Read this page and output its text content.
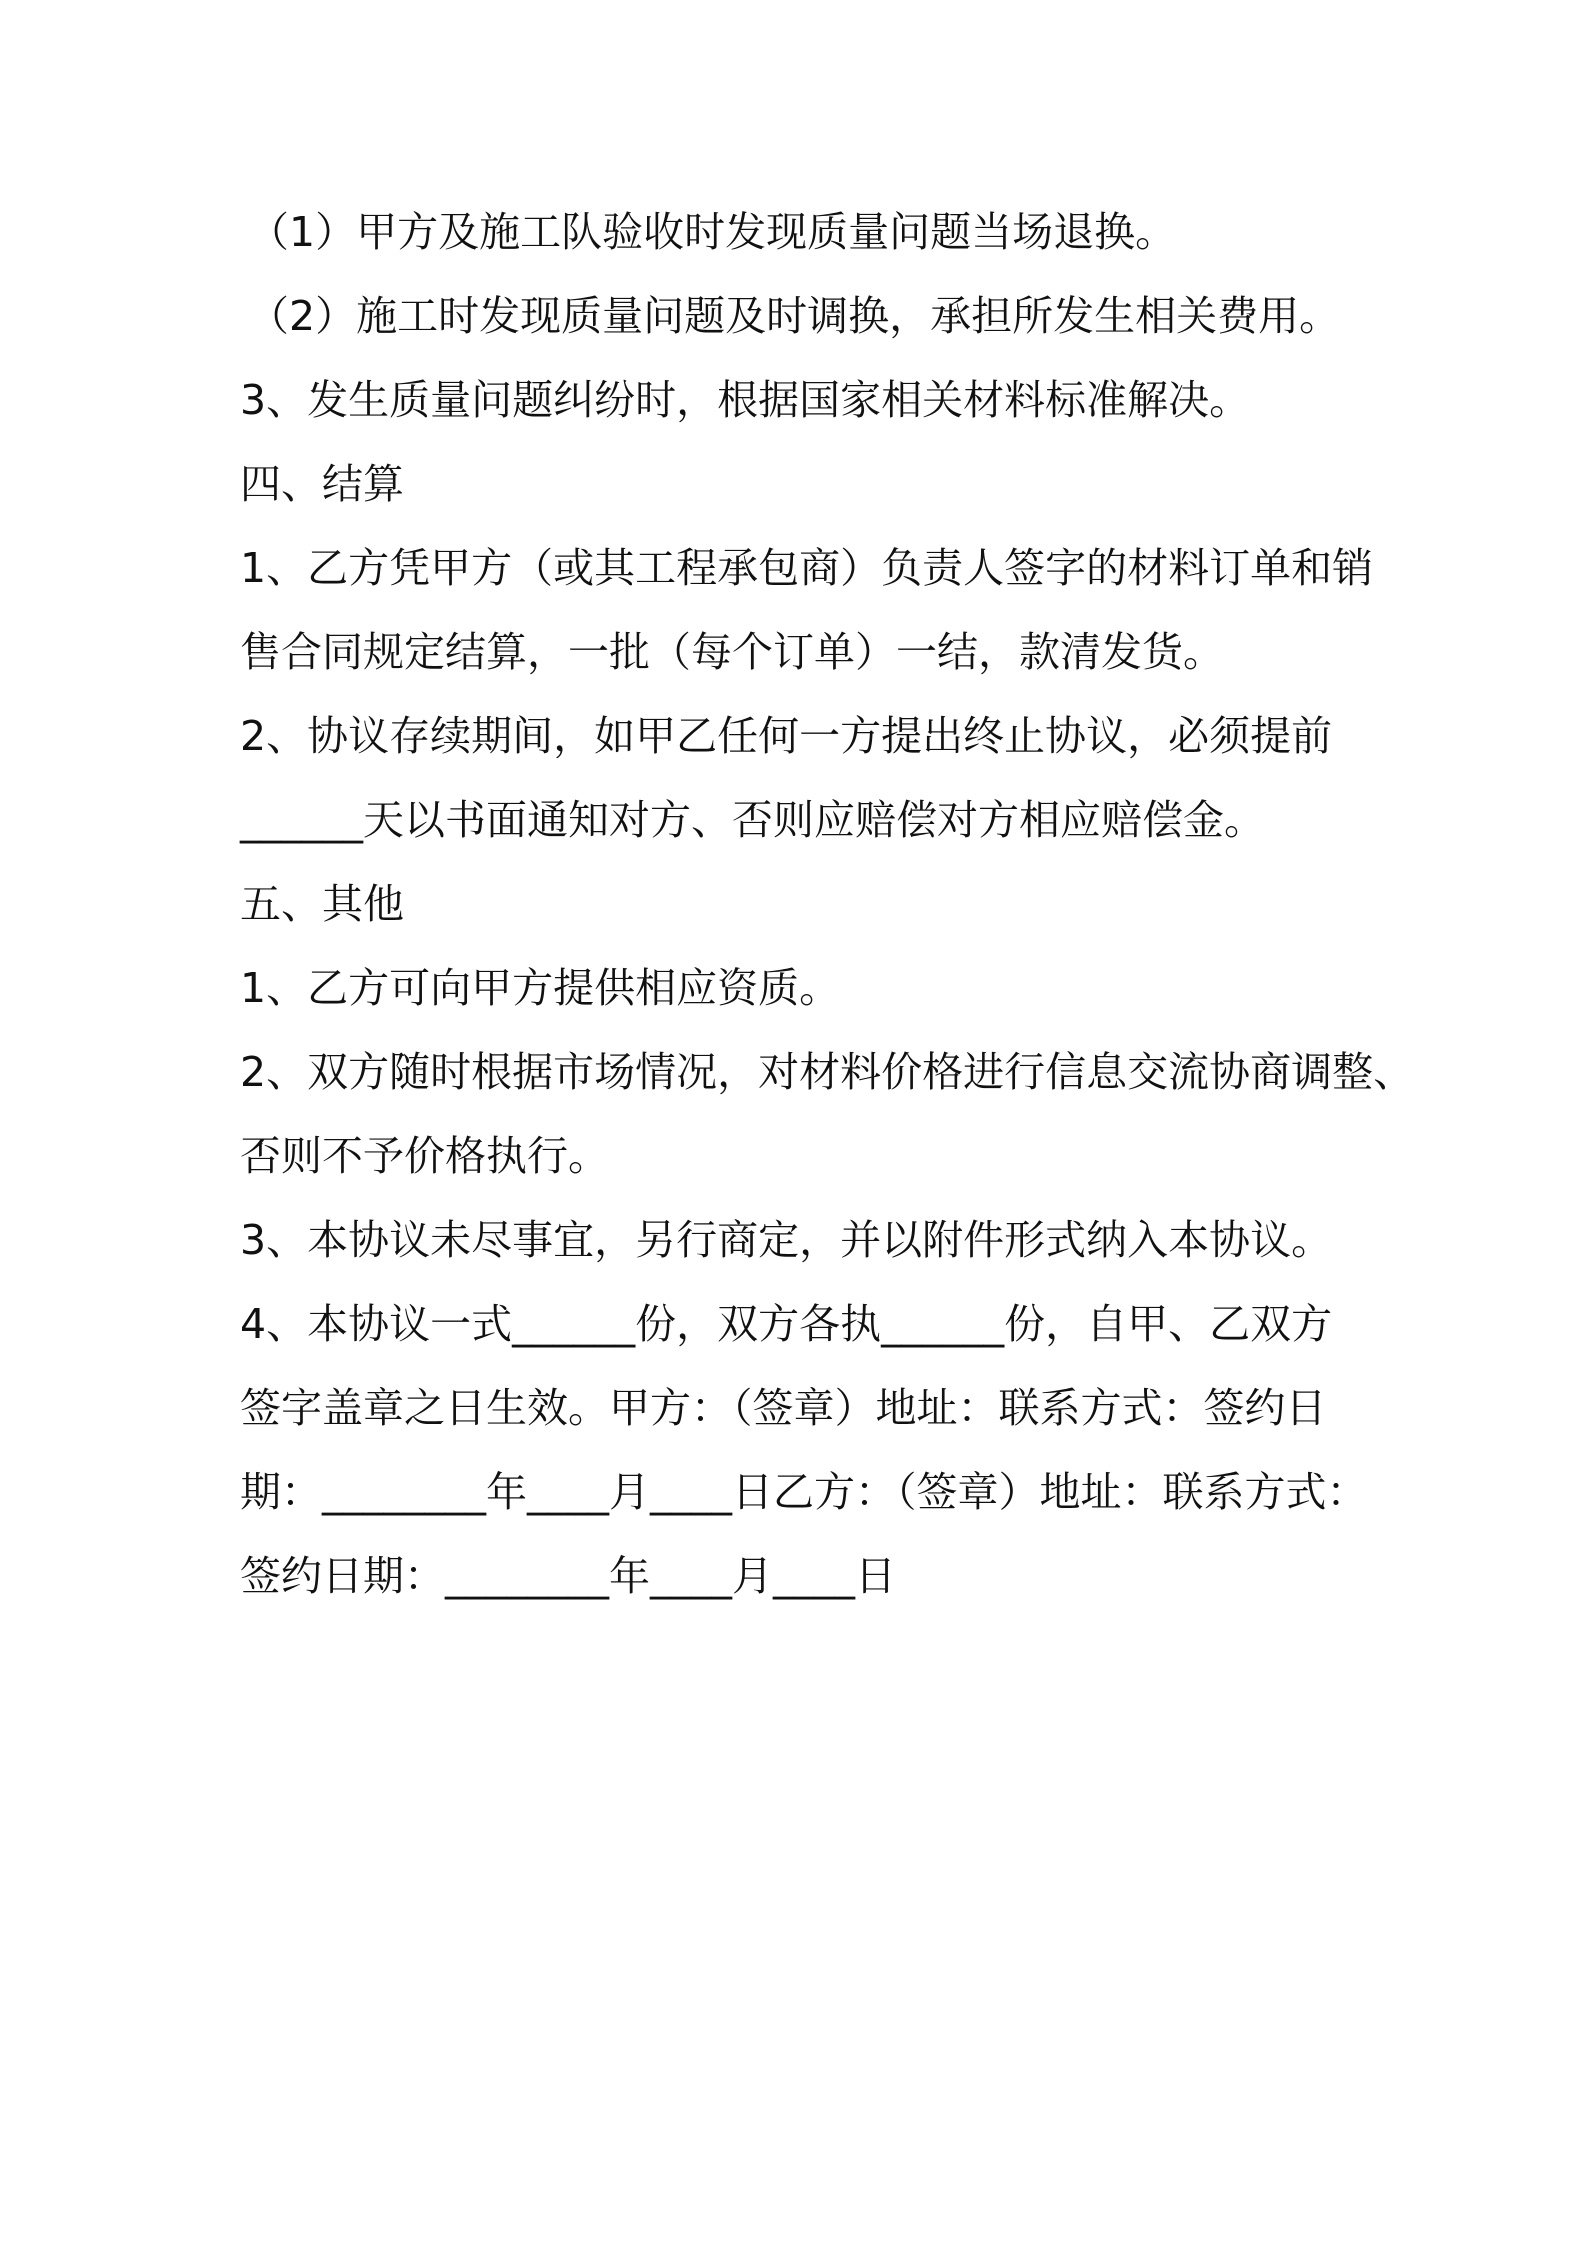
（1）甲方及施工队验收时发现质量问题当场退换。
（2）施工时发现质量问题及时调换，承担所发生相关费用。
3、发生质量问题纠纷时，根据国家相关材料标准解决。
四、结算
1、乙方凭甲方（或其工程承包商）负责人签字的材料订单和销
售合同规定结算，一批（每个订单）一结，款清发货。
2、协议存续期间，如甲乙任何一方提出终止协议，必须提前
______天以书面通知对方、否则应赔偿对方相应赔偿金。
五、其他
1、乙方可向甲方提供相应资质。
2、双方随时根据市场情况，对材料价格进行信息交流协商调整、
否则不予价格执行。
3、本协议未尽事宜，另行商定，并以附件形式纳入本协议。
4、本协议一式______份，双方各执______份，自甲、乙双方
签字盖章之日生效。甲方：（签章）地址：联系方式：签约日
期：________年____月____日乙方：（签章）地址：联系方式：
签约日期：________年____月____日
